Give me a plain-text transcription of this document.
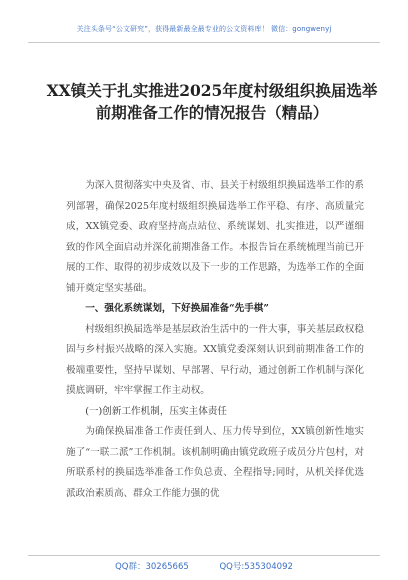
关注头条号“公文研究”，获得最新最全最专业的公文资料库！ 微信：gongwenyj
XX镇关于扎实推进2025年度村级组织换届选举前期准备工作的情况报告（精品）

为深入贯彻落实中央及省、市、县关于村级组织换届选举工作的系列部署，确保2025年度村级组织换届选举工作平稳、有序、高质量完成，XX镇党委、政府坚持高点站位、系统谋划、扎实推进，以严谨细致的作风全面启动并深化前期准备工作。本报告旨在系统梳理当前已开展的工作、取得的初步成效以及下一步的工作思路，为选举工作的全面铺开奠定坚实基础。

一、强化系统谋划，下好换届准备“先手棋”

村级组织换届选举是基层政治生活中的一件大事，事关基层政权稳固与乡村振兴战略的深入实施。XX镇党委深刻认识到前期准备工作的极端重要性，坚持早谋划、早部署、早行动，通过创新工作机制与深化摸底调研，牢牢掌握工作主动权。

(一)创新工作机制，压实主体责任

为确保换届准备工作责任到人、压力传导到位，XX镇创新性地实施了“一联二派”工作机制。该机制明确由镇党政班子成员分片包村，对所联系村的换届选举准备工作负总责、全程指导;同时，从机关择优选派政治素质高、群众工作能力强的优

QQ群：30265665	QQ号:535304092
